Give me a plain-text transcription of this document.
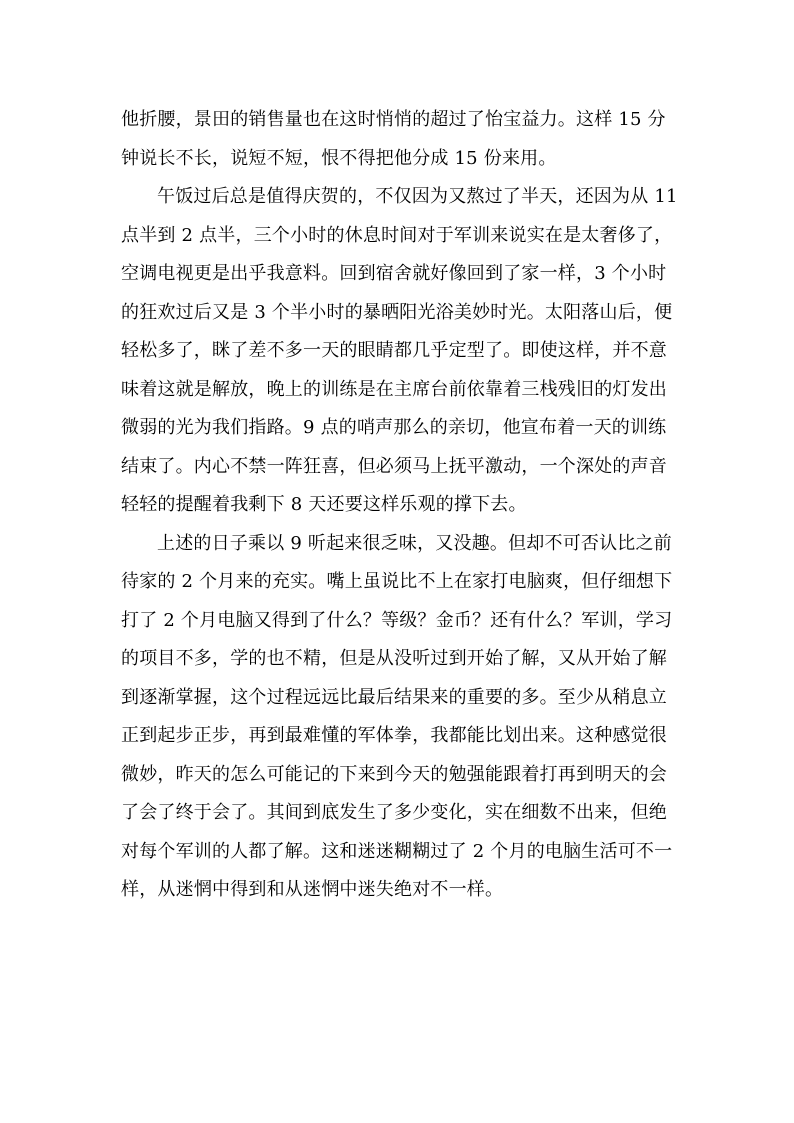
他折腰，景田的销售量也在这时悄悄的超过了怡宝益力。这样 15 分
钟说长不长，说短不短，恨不得把他分成 15 份来用。
午饭过后总是值得庆贺的，不仅因为又熬过了半天，还因为从 11
点半到 2 点半，三个小时的休息时间对于军训来说实在是太奢侈了，
空调电视更是出乎我意料。回到宿舍就好像回到了家一样，3 个小时
的狂欢过后又是 3 个半小时的暴晒阳光浴美妙时光。太阳落山后，便
轻松多了，眯了差不多一天的眼睛都几乎定型了。即使这样，并不意
味着这就是解放，晚上的训练是在主席台前依靠着三栈残旧的灯发出
微弱的光为我们指路。9 点的哨声那么的亲切，他宣布着一天的训练
结束了。内心不禁一阵狂喜，但必须马上抚平激动，一个深处的声音
轻轻的提醒着我剩下 8 天还要这样乐观的撑下去。
上述的日子乘以 9 听起来很乏味，又没趣。但却不可否认比之前
待家的 2 个月来的充实。嘴上虽说比不上在家打电脑爽，但仔细想下
打了 2 个月电脑又得到了什么？等级？金币？还有什么？军训，学习
的项目不多，学的也不精，但是从没听过到开始了解，又从开始了解
到逐渐掌握，这个过程远远比最后结果来的重要的多。至少从稍息立
正到起步正步，再到最难懂的军体拳，我都能比划出来。这种感觉很
微妙，昨天的怎么可能记的下来到今天的勉强能跟着打再到明天的会
了会了终于会了。其间到底发生了多少变化，实在细数不出来，但绝
对每个军训的人都了解。这和迷迷糊糊过了 2 个月的电脑生活可不一
样，从迷惘中得到和从迷惘中迷失绝对不一样。
